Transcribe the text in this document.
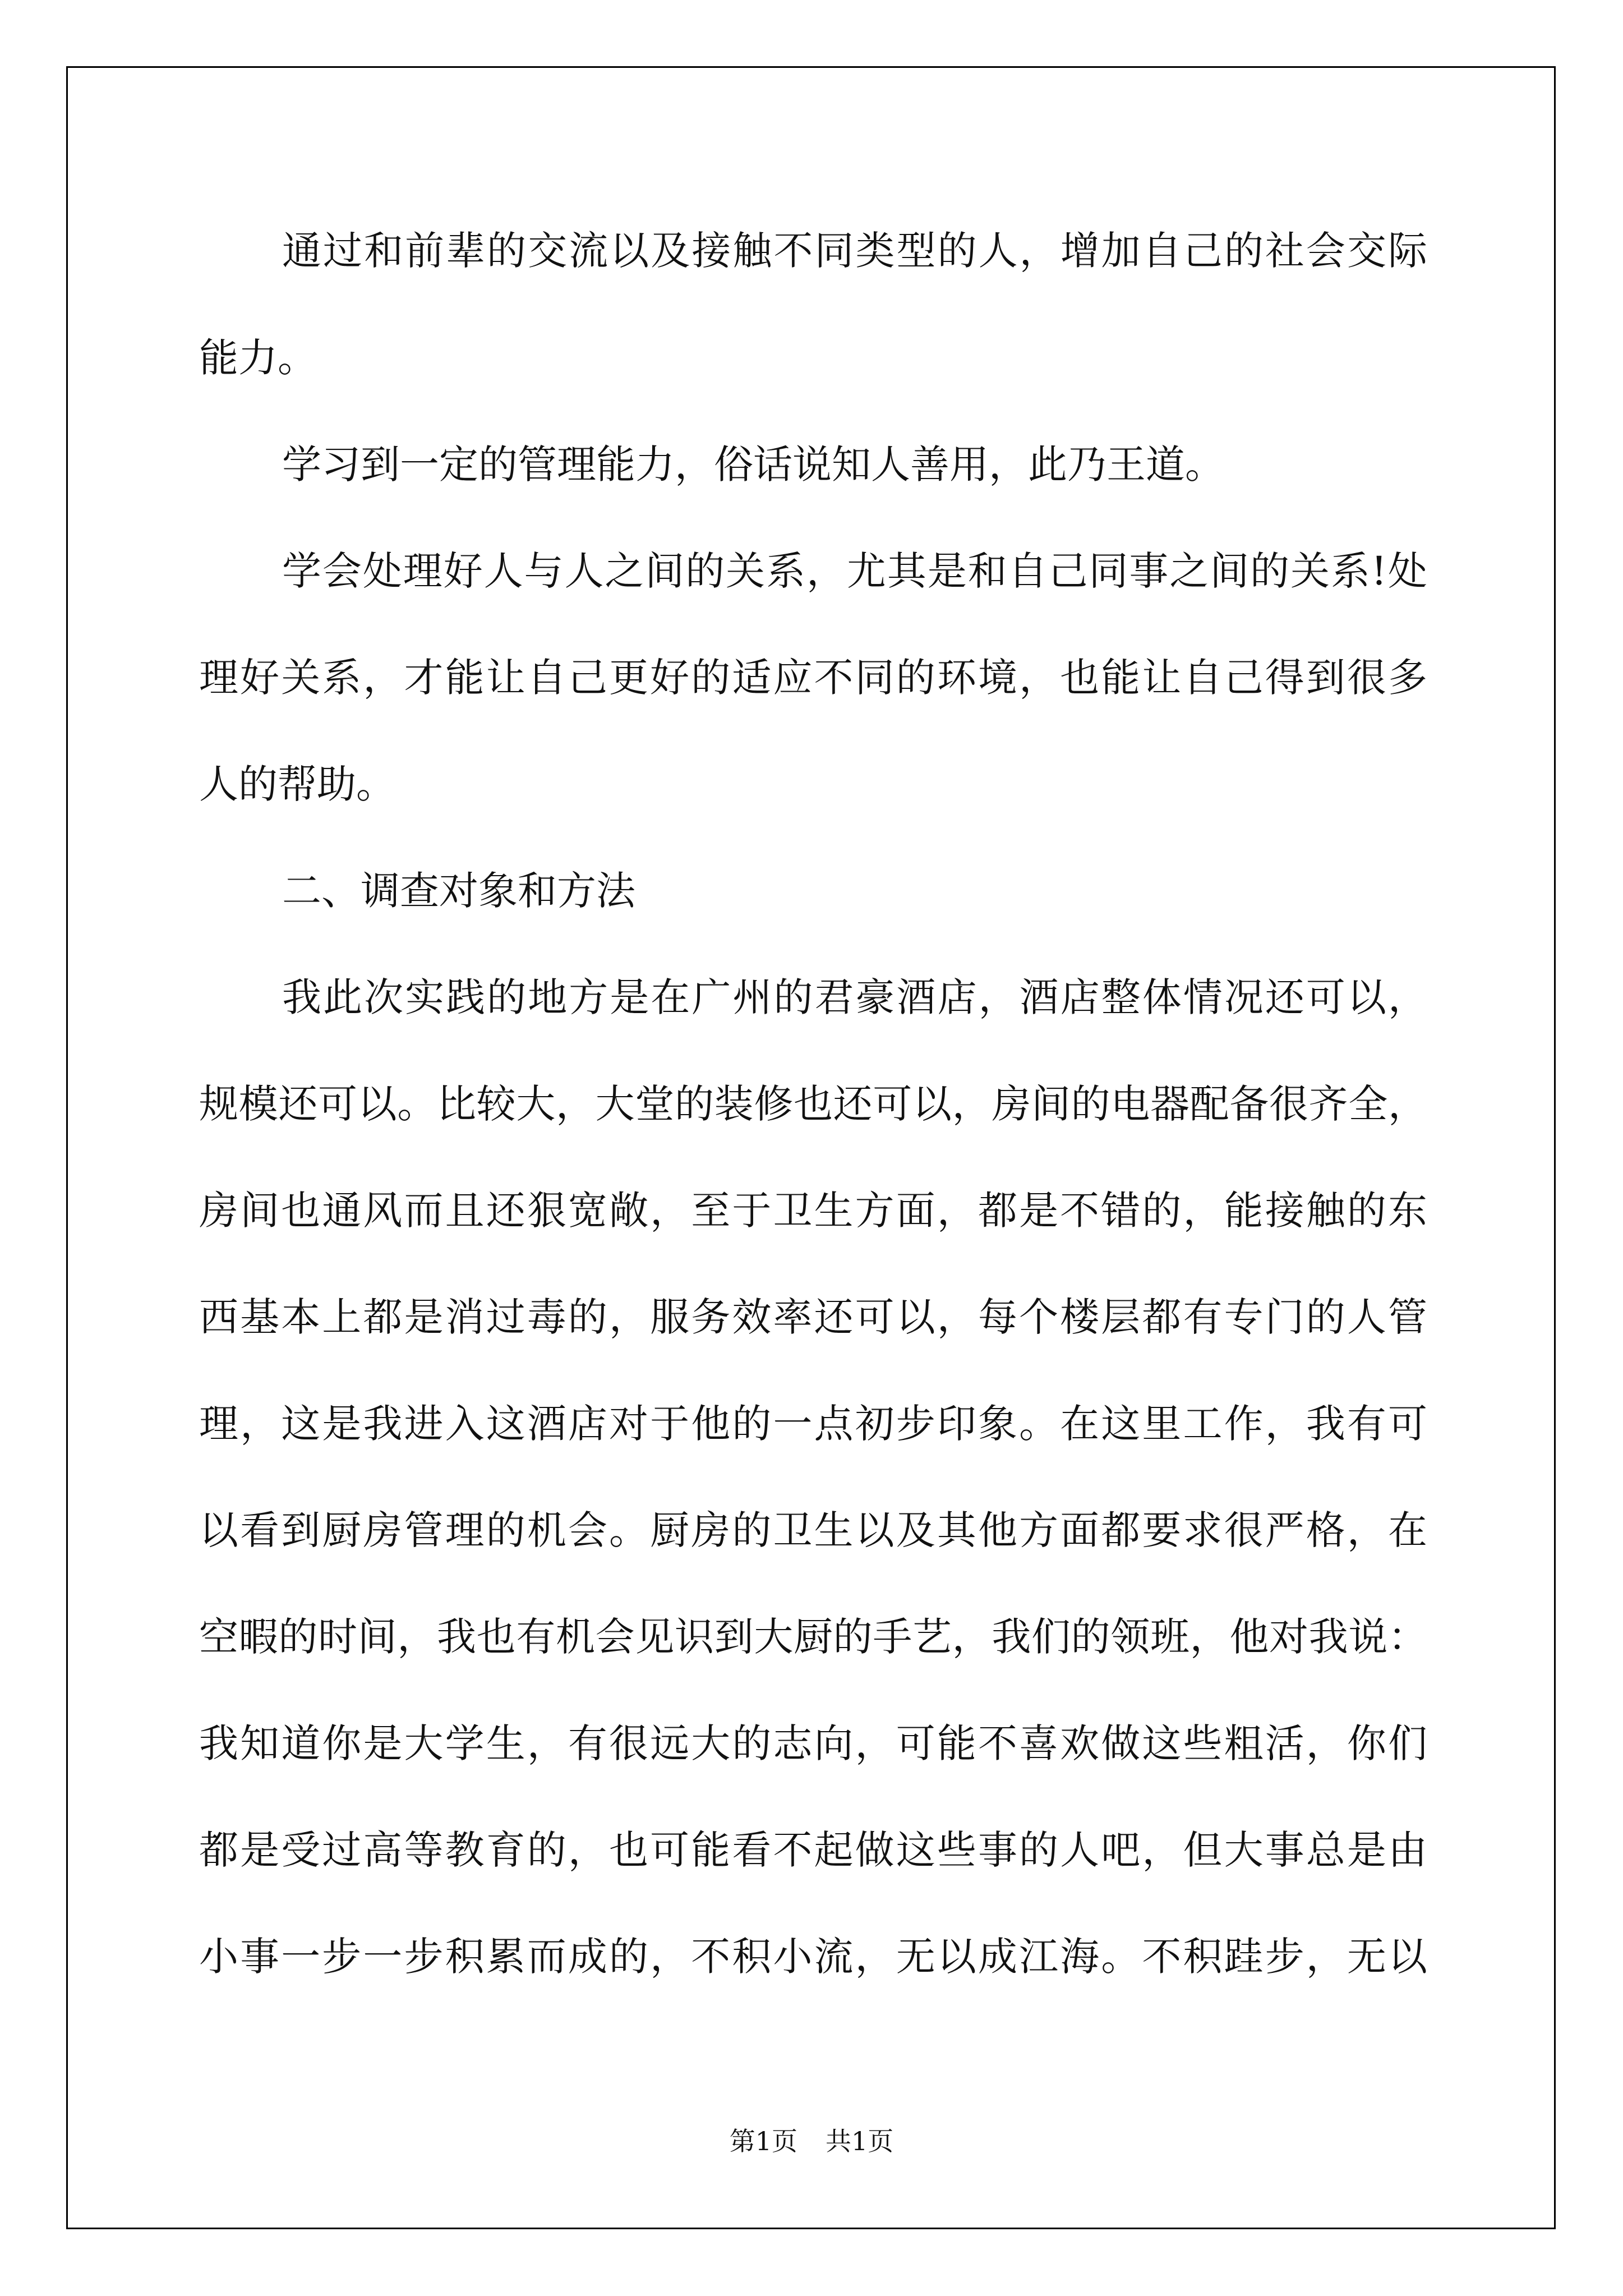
通过和前辈的交流以及接触不同类型的人，增加自己的社会交际
能力。
学习到一定的管理能力，俗话说知人善用，此乃王道。
学会处理好人与人之间的关系，尤其是和自己同事之间的关系!处
理好关系，才能让自己更好的适应不同的环境，也能让自己得到很多
人的帮助。
二、调查对象和方法
我此次实践的地方是在广州的君豪酒店，酒店整体情况还可以，
规模还可以。比较大，大堂的装修也还可以，房间的电器配备很齐全，
房间也通风而且还狠宽敞，至于卫生方面，都是不错的，能接触的东
西基本上都是消过毒的，服务效率还可以，每个楼层都有专门的人管
理，这是我进入这酒店对于他的一点初步印象。在这里工作，我有可
以看到厨房管理的机会。厨房的卫生以及其他方面都要求很严格，在
空暇的时间，我也有机会见识到大厨的手艺，我们的领班，他对我说：
我知道你是大学生，有很远大的志向，可能不喜欢做这些粗活，你们
都是受过高等教育的，也可能看不起做这些事的人吧，但大事总是由
小事一步一步积累而成的，不积小流，无以成江海。不积跬步，无以
第1页 共1页
